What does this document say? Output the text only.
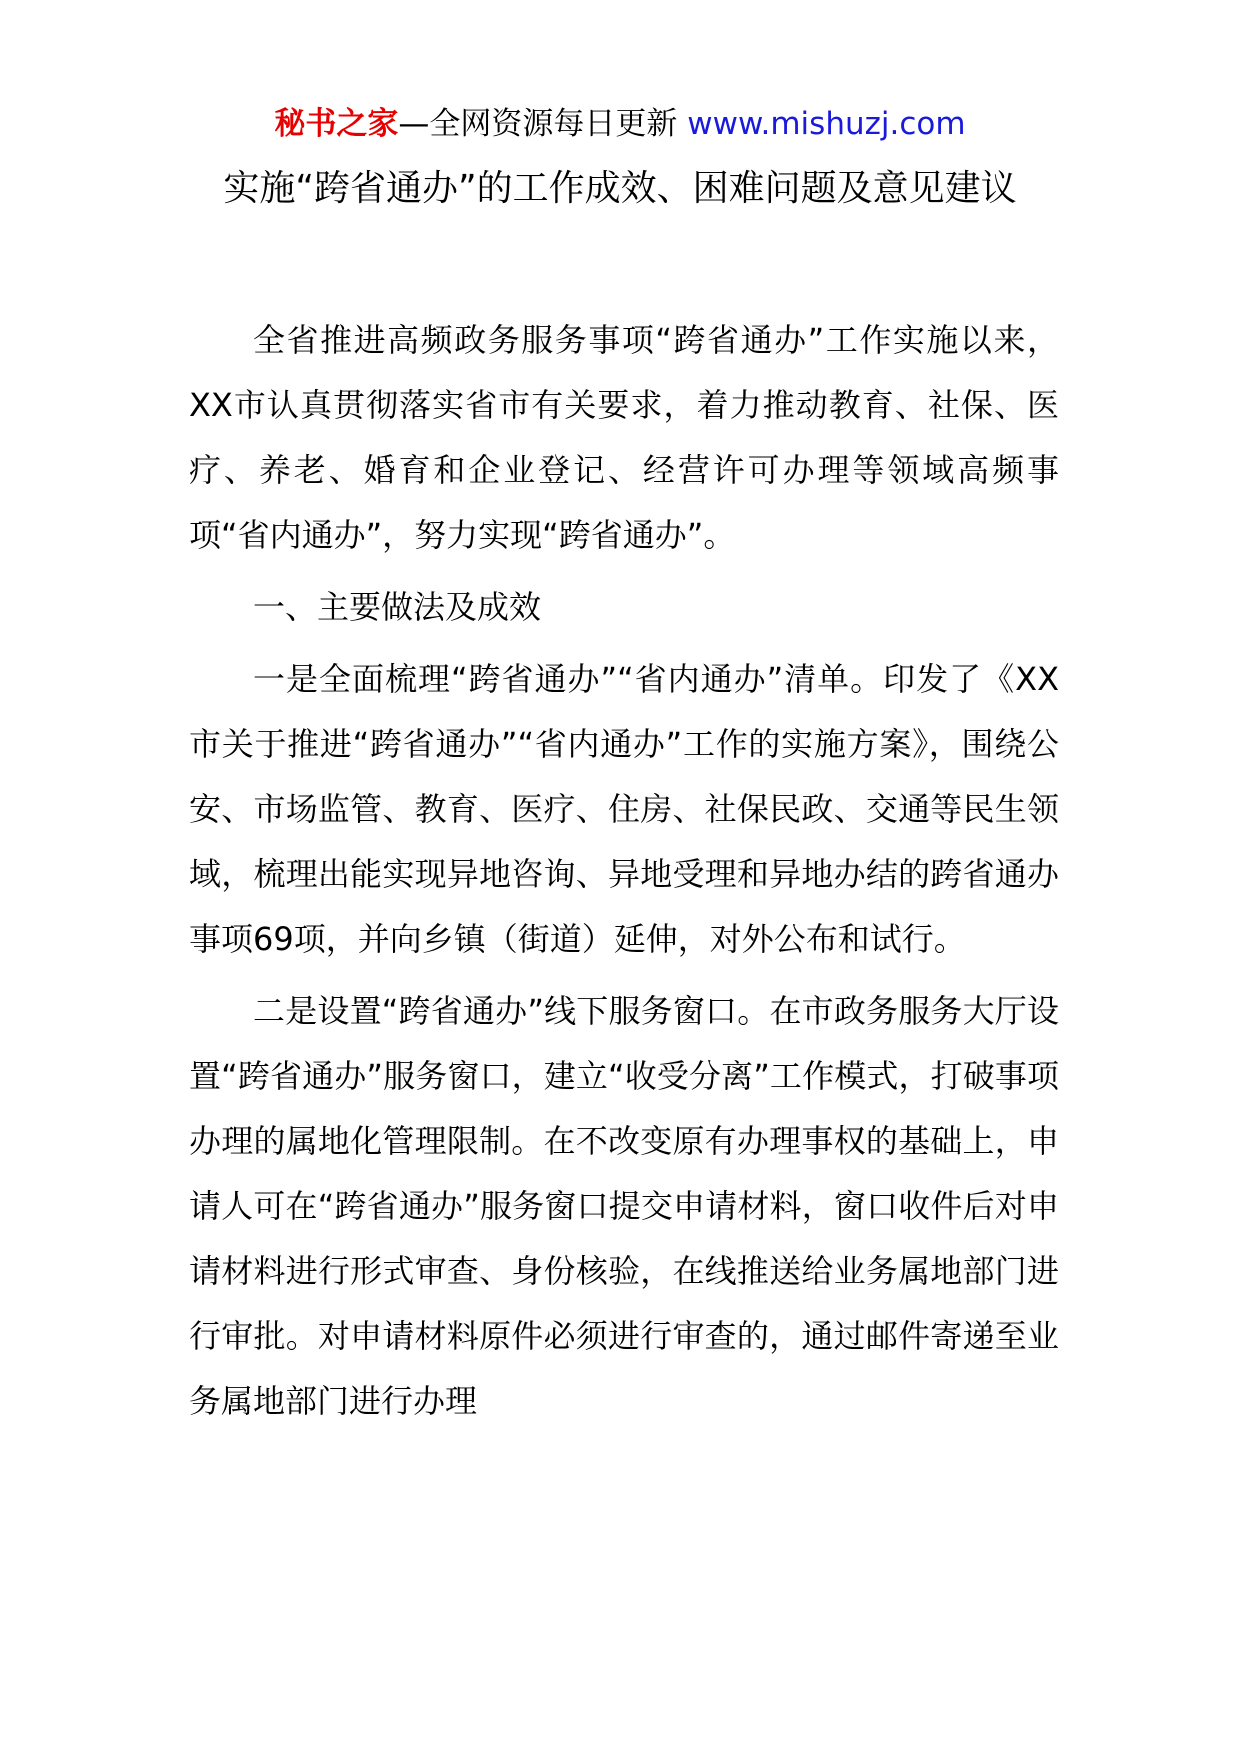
秘书之家—全网资源每日更新 www.mishuzj.com
实施“跨省通办”的工作成效、困难问题及意见建议

全省推进高频政务服务事项“跨省通办”工作实施以来，XX市认真贯彻落实省市有关要求，着力推动教育、社保、医疗、养老、婚育和企业登记、经营许可办理等领域高频事项“省内通办”，努力实现“跨省通办”。

一、主要做法及成效

一是全面梳理“跨省通办”“省内通办”清单。印发了《XX市关于推进“跨省通办”“省内通办”工作的实施方案》，围绕公安、市场监管、教育、医疗、住房、社保民政、交通等民生领域，梳理出能实现异地咨询、异地受理和异地办结的跨省通办事项69项，并向乡镇（街道）延伸，对外公布和试行。

二是设置“跨省通办”线下服务窗口。在市政务服务大厅设置“跨省通办”服务窗口，建立“收受分离”工作模式，打破事项办理的属地化管理限制。在不改变原有办理事权的基础上，申请人可在“跨省通办”服务窗口提交申请材料，窗口收件后对申请材料进行形式审查、身份核验，在线推送给业务属地部门进行审批。对申请材料原件必须进行审查的，通过邮件寄递至业务属地部门进行办理
